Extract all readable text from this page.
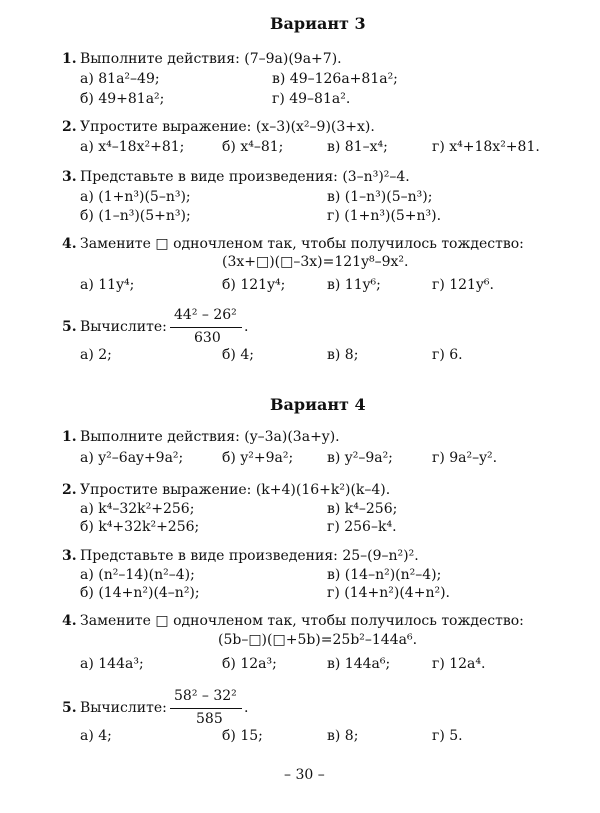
Вариант 3
1. Выполните действия: (7–9a)(9a+7).
а) 81a²–49;	в) 49–126a+81a²;
б) 49+81a²;	г) 49–81a².
2. Упростите выражение: (x–3)(x²–9)(3+x).
а) x⁴–18x²+81;	б) x⁴–81;	в) 81–x⁴;	г) x⁴+18x²+81.
3. Представьте в виде произведения: (3–n³)²–4.
а) (1+n³)(5–n³);	в) (1–n³)(5–n³);
б) (1–n³)(5+n³);	г) (1+n³)(5+n³).
4. Замените □ одночленом так, чтобы получилось тождество:
(3x+□)(□–3x)=121y⁸–9x².
а) 11y⁴;	б) 121y⁴;	в) 11y⁶;	г) 121y⁶.
5. Вычислите:
44² – 26²
.
630
а) 2;	б) 4;	в) 8;	г) 6.
Вариант 4
1. Выполните действия: (y–3a)(3a+y).
а) y²–6ay+9a²;	б) y²+9a²; в) y²–9a²;	г) 9a²–y².
2. Упростите выражение: (k+4)(16+k²)(k–4).
а) k⁴–32k²+256;	в) k⁴–256;
б) k⁴+32k²+256;	г) 256–k⁴.
3. Представьте в виде произведения: 25–(9–n²)².
а) (n²–14)(n²–4);	в) (14–n²)(n²–4);
б) (14+n²)(4–n²);	г) (14+n²)(4+n²).
4. Замените □ одночленом так, чтобы получилось тождество:
(5b–□)(□+5b)=25b²–144a⁶.
а) 144a³;	б) 12a³;	в) 144a⁶;	г) 12a⁴.
5. Вычислите:
58² – 32²
.
585
а) 4;	б) 15;	в) 8;	г) 5.
– 30 –
